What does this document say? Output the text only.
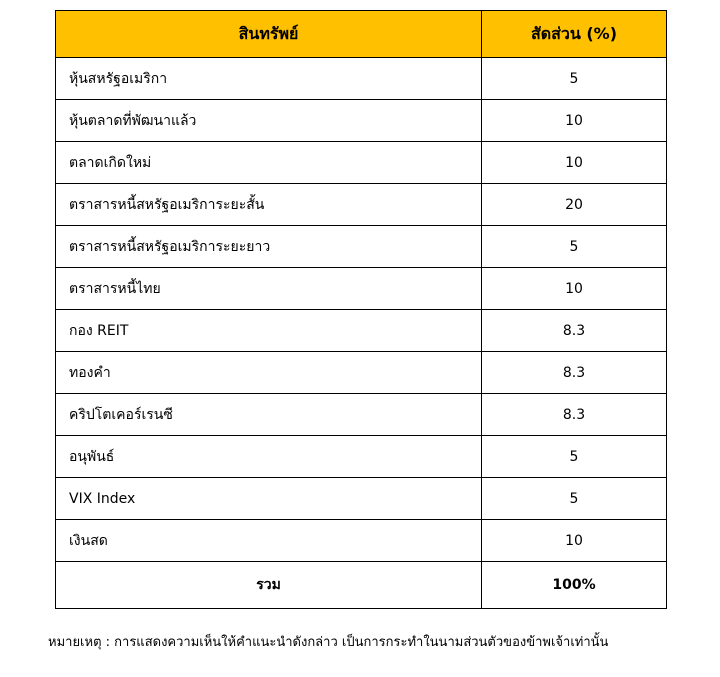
สินทรัพย์	สัดส่วน (%)
หุ้นสหรัฐอเมริกา	5
หุ้นตลาดที่พัฒนาแล้ว	10
ตลาดเกิดใหม่	10
ตราสารหนี้สหรัฐอเมริการะยะสั้น	20
ตราสารหนี้สหรัฐอเมริการะยะยาว	5
ตราสารหนี้ไทย	10
กอง REIT	8.3
ทองคำ	8.3
คริปโตเคอร์เรนซี	8.3
อนุพันธ์	5
VIX Index	5
เงินสด	10
รวม	100%
หมายเหตุ : การแสดงความเห็นให้คำแนะนำดังกล่าว เป็นการกระทำในนามส่วนตัวของข้าพเจ้าเท่านั้น
